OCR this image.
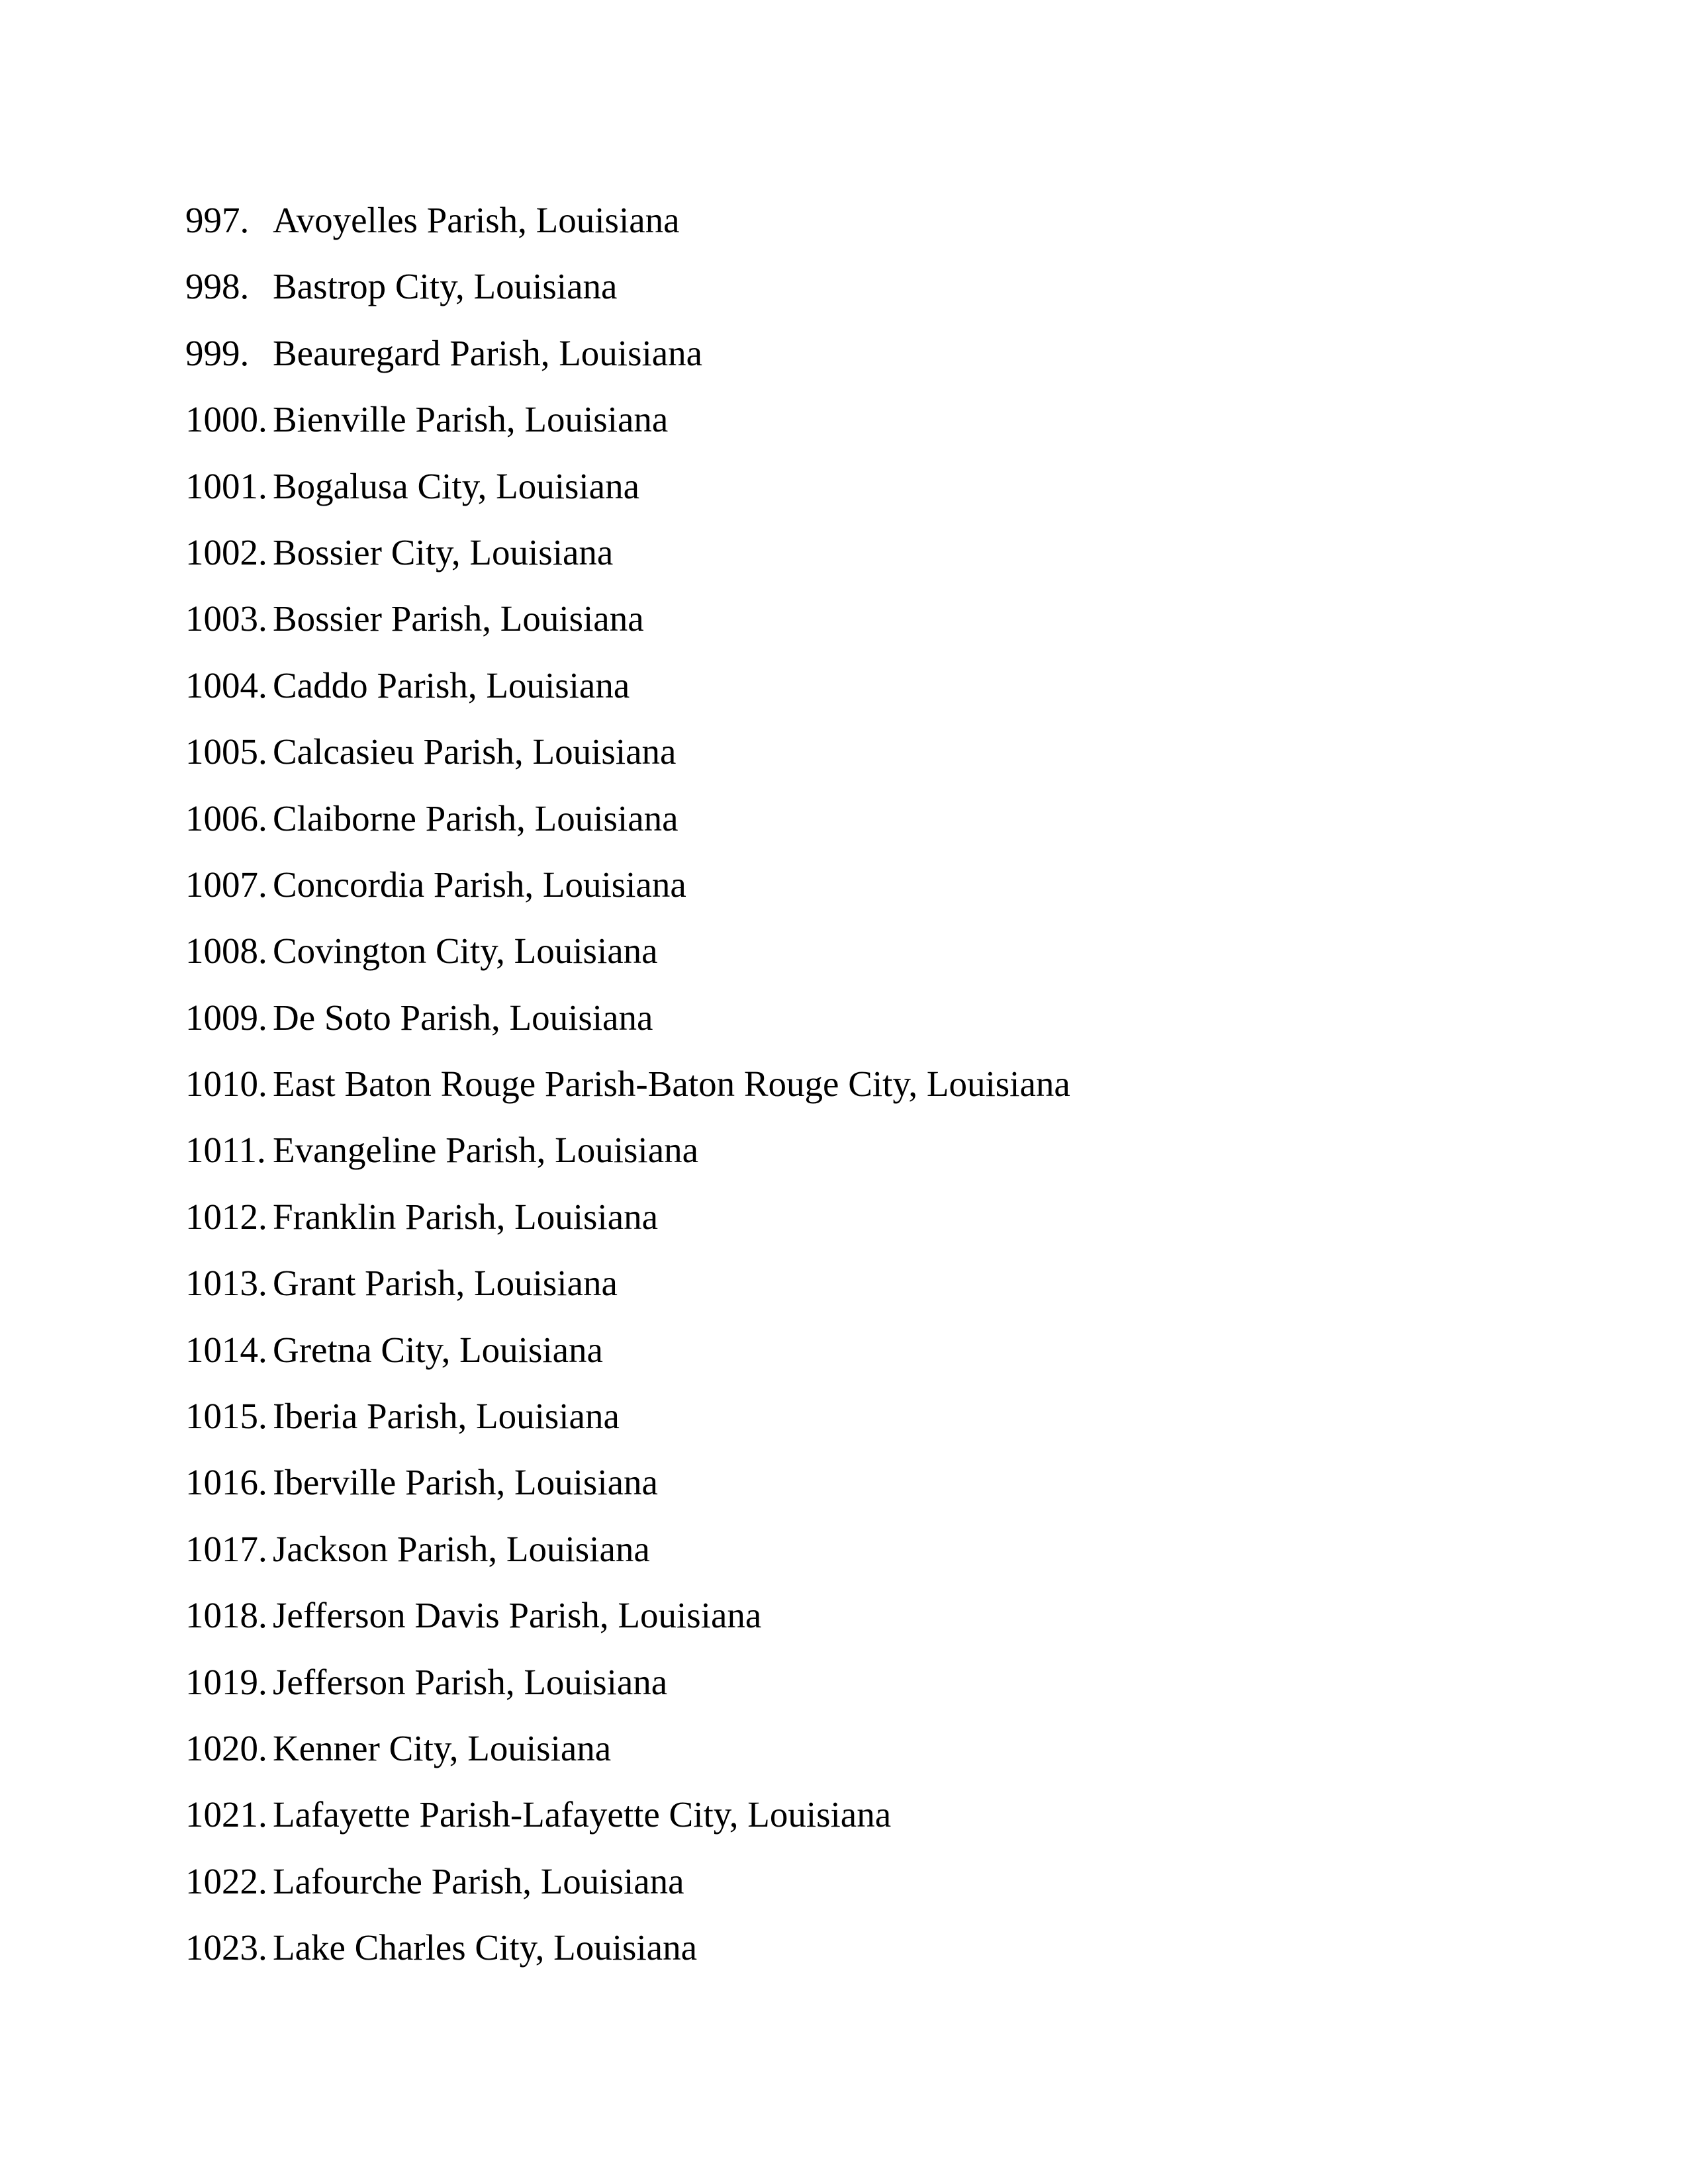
997. Avoyelles Parish, Louisiana
998. Bastrop City, Louisiana
999. Beauregard Parish, Louisiana
1000. Bienville Parish, Louisiana
1001. Bogalusa City, Louisiana
1002. Bossier City, Louisiana
1003. Bossier Parish, Louisiana
1004. Caddo Parish, Louisiana
1005. Calcasieu Parish, Louisiana
1006. Claiborne Parish, Louisiana
1007. Concordia Parish, Louisiana
1008. Covington City, Louisiana
1009. De Soto Parish, Louisiana
1010. East Baton Rouge Parish-Baton Rouge City, Louisiana
1011. Evangeline Parish, Louisiana
1012. Franklin Parish, Louisiana
1013. Grant Parish, Louisiana
1014. Gretna City, Louisiana
1015. Iberia Parish, Louisiana
1016. Iberville Parish, Louisiana
1017. Jackson Parish, Louisiana
1018. Jefferson Davis Parish, Louisiana
1019. Jefferson Parish, Louisiana
1020. Kenner City, Louisiana
1021. Lafayette Parish-Lafayette City, Louisiana
1022. Lafourche Parish, Louisiana
1023. Lake Charles City, Louisiana
